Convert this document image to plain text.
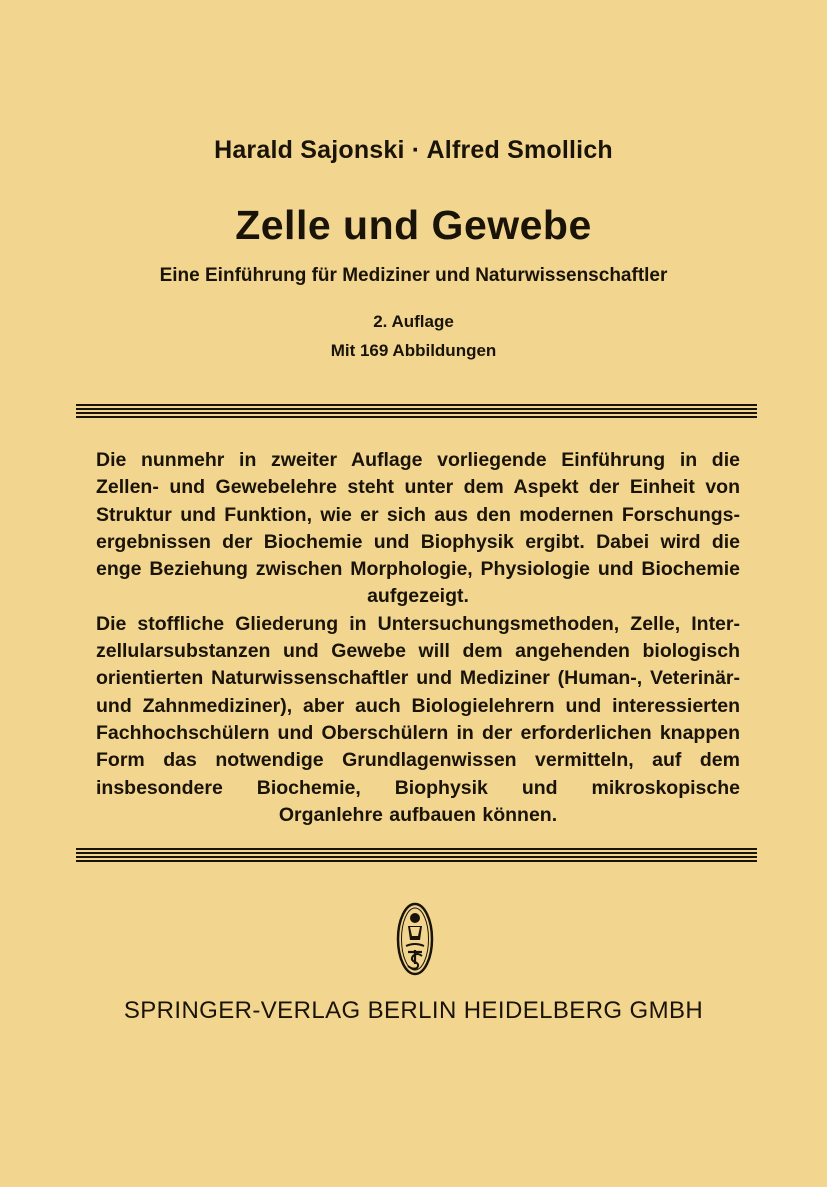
Harald Sajonski · Alfred Smollich
Zelle und Gewebe
Eine Einführung für Mediziner und Naturwissenschaftler
2. Auflage
Mit 169 Abbildungen

Die nunmehr in zweiter Auflage vorliegende Einführung in die Zellen- und Gewebelehre steht unter dem Aspekt der Einheit von Struktur und Funktion, wie er sich aus den modernen Forschungsergebnissen der Biochemie und Biophysik ergibt. Dabei wird die enge Beziehung zwischen Morphologie, Physiologie und Biochemie aufgezeigt.

Die stoffliche Gliederung in Untersuchungsmethoden, Zelle, Interzellularsubstanzen und Gewebe will dem angehenden biologisch orientierten Naturwissenschaftler und Mediziner (Human-, Veterinär- und Zahnmediziner), aber auch Biologielehrern und interessierten Fachhochschülern und Oberschülern in der erforderlichen knappen Form das notwendige Grundlagenwissen vermitteln, auf dem insbesondere Biochemie, Biophysik und mikroskopische Organlehre aufbauen können.

SPRINGER-VERLAG BERLIN HEIDELBERG GMBH
